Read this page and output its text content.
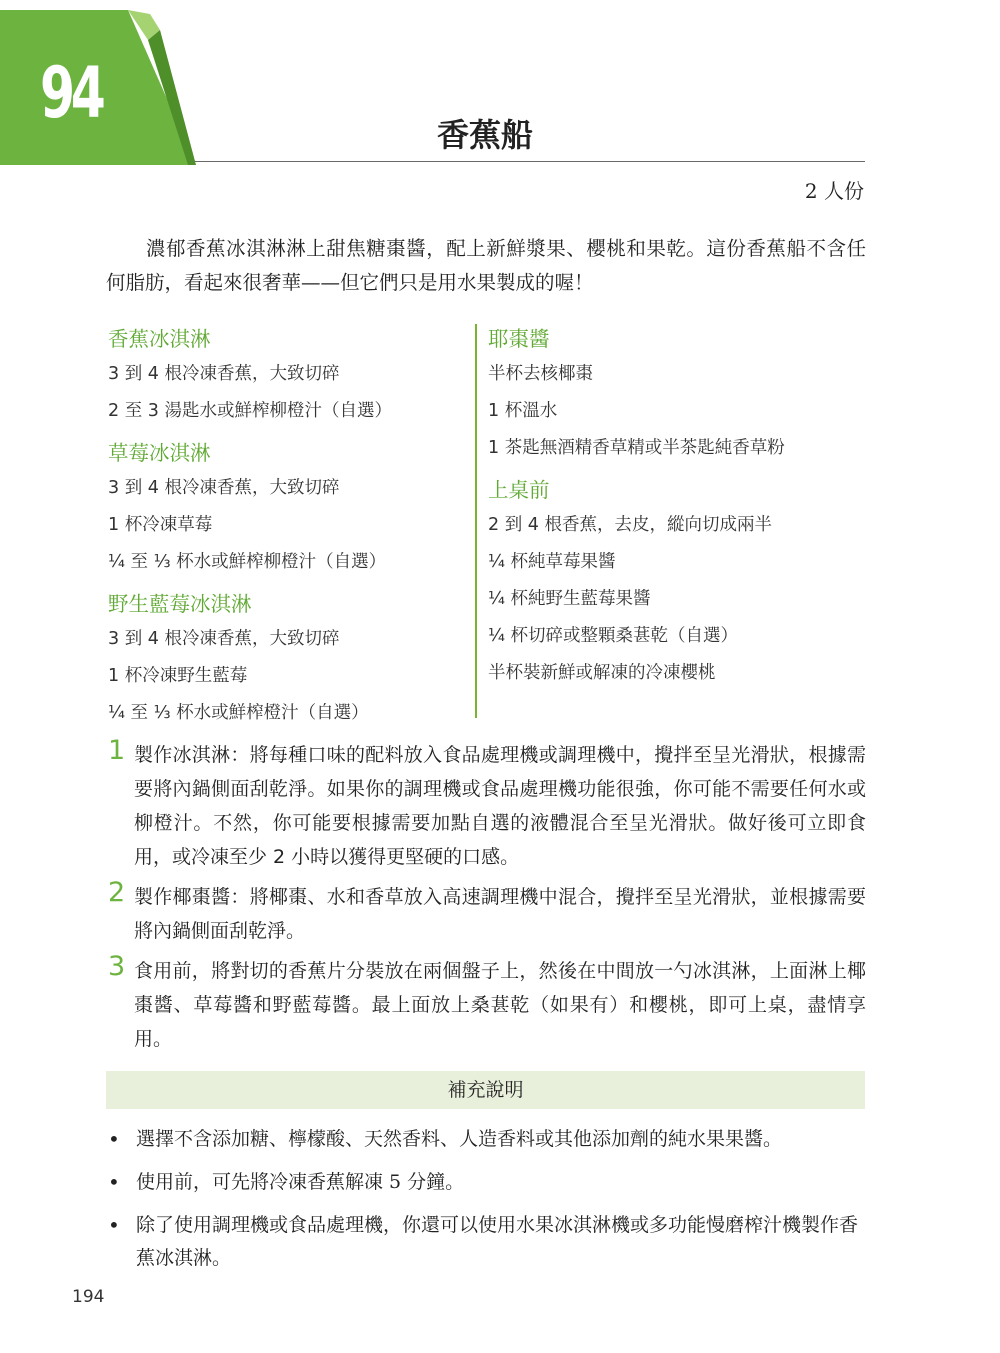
94
香蕉船
2 人份
濃郁香蕉冰淇淋淋上甜焦糖棗醬，配上新鮮漿果、櫻桃和果乾。這份香蕉船不含任何脂肪，看起來很奢華——但它們只是用水果製成的喔！
香蕉冰淇淋
3 到 4 根冷凍香蕉，大致切碎
2 至 3 湯匙水或鮮榨柳橙汁（自選）
草莓冰淇淋
3 到 4 根冷凍香蕉，大致切碎
1 杯冷凍草莓
¼ 至 ⅓ 杯水或鮮榨柳橙汁（自選）
野生藍莓冰淇淋
3 到 4 根冷凍香蕉，大致切碎
1 杯冷凍野生藍莓
¼ 至 ⅓ 杯水或鮮榨橙汁（自選）
耶棗醬
半杯去核椰棗
1 杯溫水
1 茶匙無酒精香草精或半茶匙純香草粉
上桌前
2 到 4 根香蕉，去皮，縱向切成兩半
¼ 杯純草莓果醬
¼ 杯純野生藍莓果醬
¼ 杯切碎或整顆桑葚乾（自選）
半杯裝新鮮或解凍的冷凍櫻桃
1 製作冰淇淋：將每種口味的配料放入食品處理機或調理機中，攪拌至呈光滑狀，根據需要將內鍋側面刮乾淨。如果你的調理機或食品處理機功能很強，你可能不需要任何水或柳橙汁。不然，你可能要根據需要加點自選的液體混合至呈光滑狀。做好後可立即食用，或冷凍至少 2 小時以獲得更堅硬的口感。
2 製作椰棗醬：將椰棗、水和香草放入高速調理機中混合，攪拌至呈光滑狀，並根據需要將內鍋側面刮乾淨。
3 食用前，將對切的香蕉片分裝放在兩個盤子上，然後在中間放一勺冰淇淋，上面淋上椰棗醬、草莓醬和野藍莓醬。最上面放上桑葚乾（如果有）和櫻桃，即可上桌，盡情享用。
補充說明
• 選擇不含添加糖、檸檬酸、天然香料、人造香料或其他添加劑的純水果果醬。
• 使用前，可先將冷凍香蕉解凍 5 分鐘。
• 除了使用調理機或食品處理機，你還可以使用水果冰淇淋機或多功能慢磨榨汁機製作香蕉冰淇淋。
194
